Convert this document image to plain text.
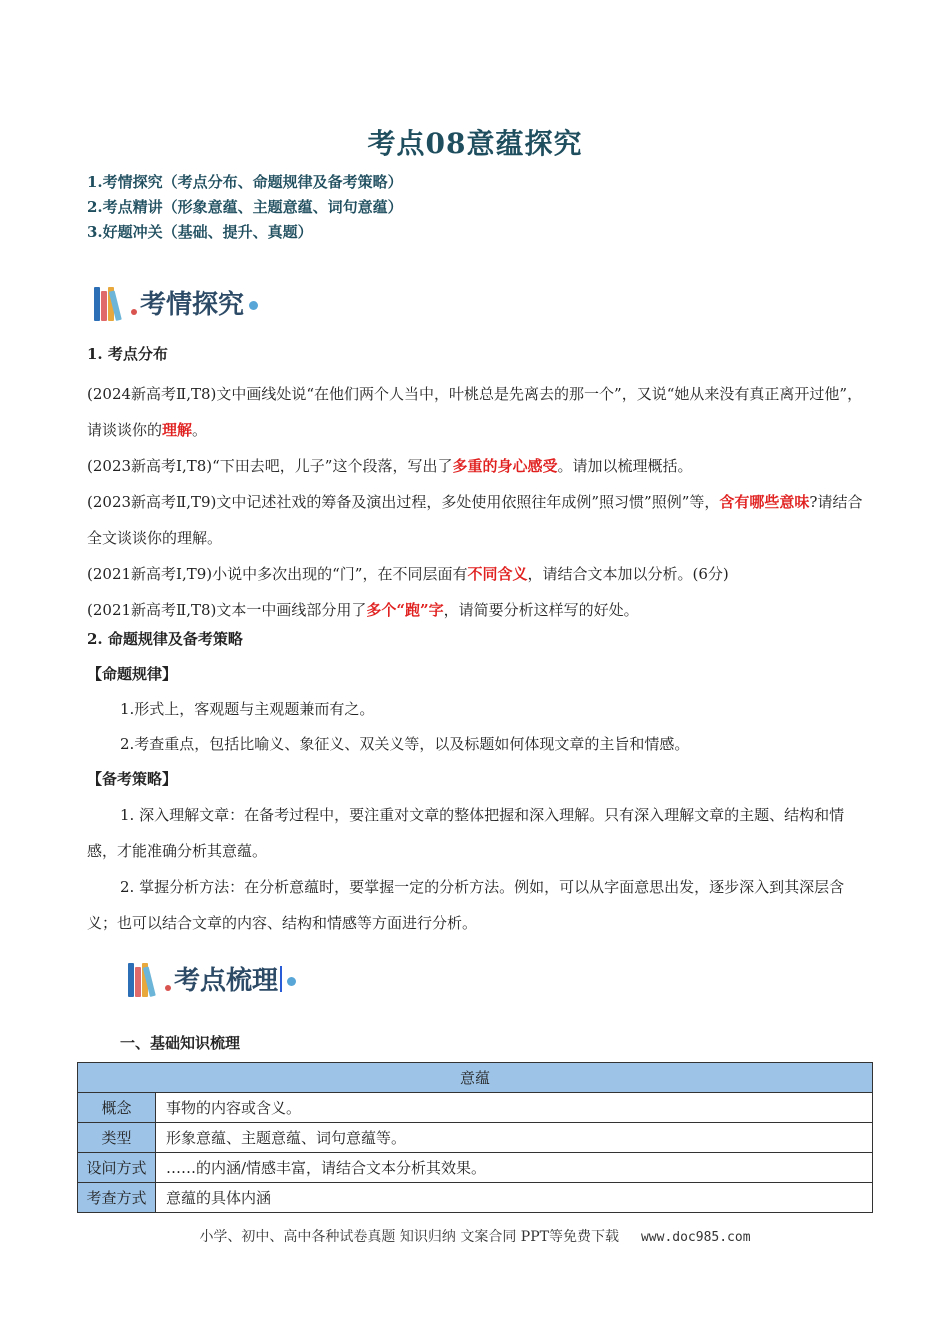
考点08意蕴探究
1.考情探究（考点分布、命题规律及备考策略）
2.考点精讲（形象意蕴、主题意蕴、词句意蕴）
3.好题冲关（基础、提升、真题）
考情探究
1. 考点分布
(2024新高考Ⅱ,T8)文中画线处说“在他们两个人当中，叶桃总是先离去的那一个”，又说“她从来没有真正离开过他”，请谈谈你的理解。
(2023新高考I,T8)“下田去吧，儿子”这个段落，写出了多重的身心感受。请加以梳理概括。
(2023新高考Ⅱ,T9)文中记述社戏的筹备及演出过程，多处使用依照往年成例”照习惯”照例”等，含有哪些意味?请结合全文谈谈你的理解。
(2021新高考I,T9)小说中多次出现的“门”，在不同层面有不同含义，请结合文本加以分析。(6分)
(2021新高考Ⅱ,T8)文本一中画线部分用了多个“跑”字，请简要分析这样写的好处。
2. 命题规律及备考策略
【命题规律】
1.形式上，客观题与主观题兼而有之。
2.考查重点，包括比喻义、象征义、双关义等，以及标题如何体现文章的主旨和情感。
【备考策略】
1. 深入理解文章：在备考过程中，要注重对文章的整体把握和深入理解。只有深入理解文章的主题、结构和情感，才能准确分析其意蕴。
2. 掌握分析方法：在分析意蕴时，要掌握一定的分析方法。例如，可以从字面意思出发，逐步深入到其深层含义；也可以结合文章的内容、结构和情感等方面进行分析。
考点梳理
一、基础知识梳理
意蕴	
概念	事物的内容或含义。
类型	形象意蕴、主题意蕴、词句意蕴等。
设问方式	……的内涵/情感丰富，请结合文本分析其效果。
考查方式	意蕴的具体内涵
小学、初中、高中各种试卷真题 知识归纳 文案合同 PPT等免费下载 www.doc985.com
